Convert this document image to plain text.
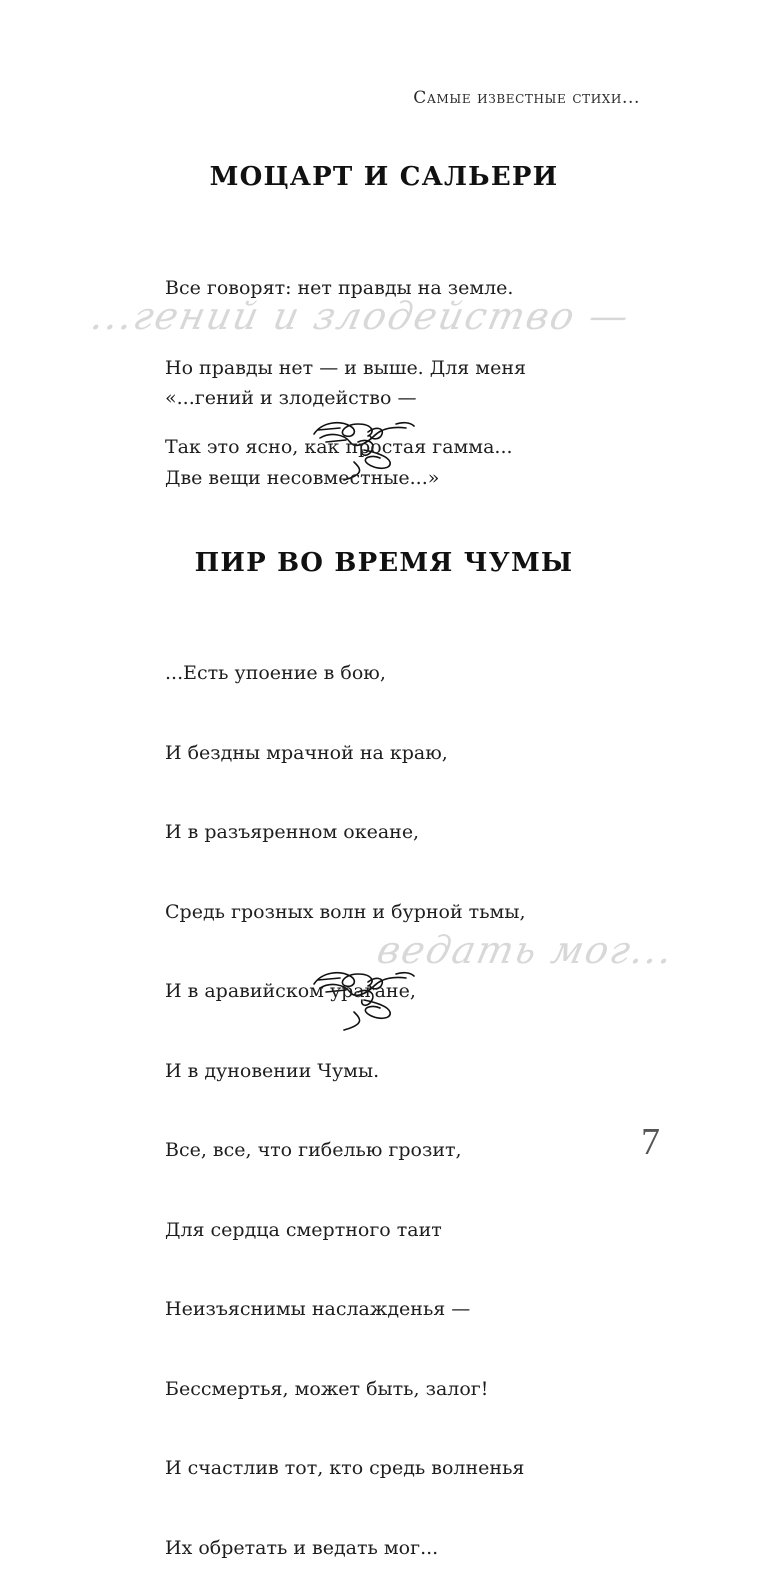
Самые известные стихи...
МОЦАРТ И САЛЬЕРИ
...гений и злодейство —

Все говорят: нет правды на земле.

Но правды нет — и выше. Для меня

Так это ясно, как простая гамма...

«...гений и злодейство —

Две вещи несовместные...»

ПИР ВО ВРЕМЯ ЧУМЫ
ведать мог...

...Есть упоение в бою,

И бездны мрачной на краю,

И в разъяренном океане,

Средь грозных волн и бурной тьмы,

И в аравийском урагане,

И в дуновении Чумы.

Все, все, что гибелью грозит,

Для сердца смертного таит

Неизъяснимы наслажденья —

Бессмертья, может быть, залог!

И счастлив тот, кто средь волненья

Их обретать и ведать мог...

7
